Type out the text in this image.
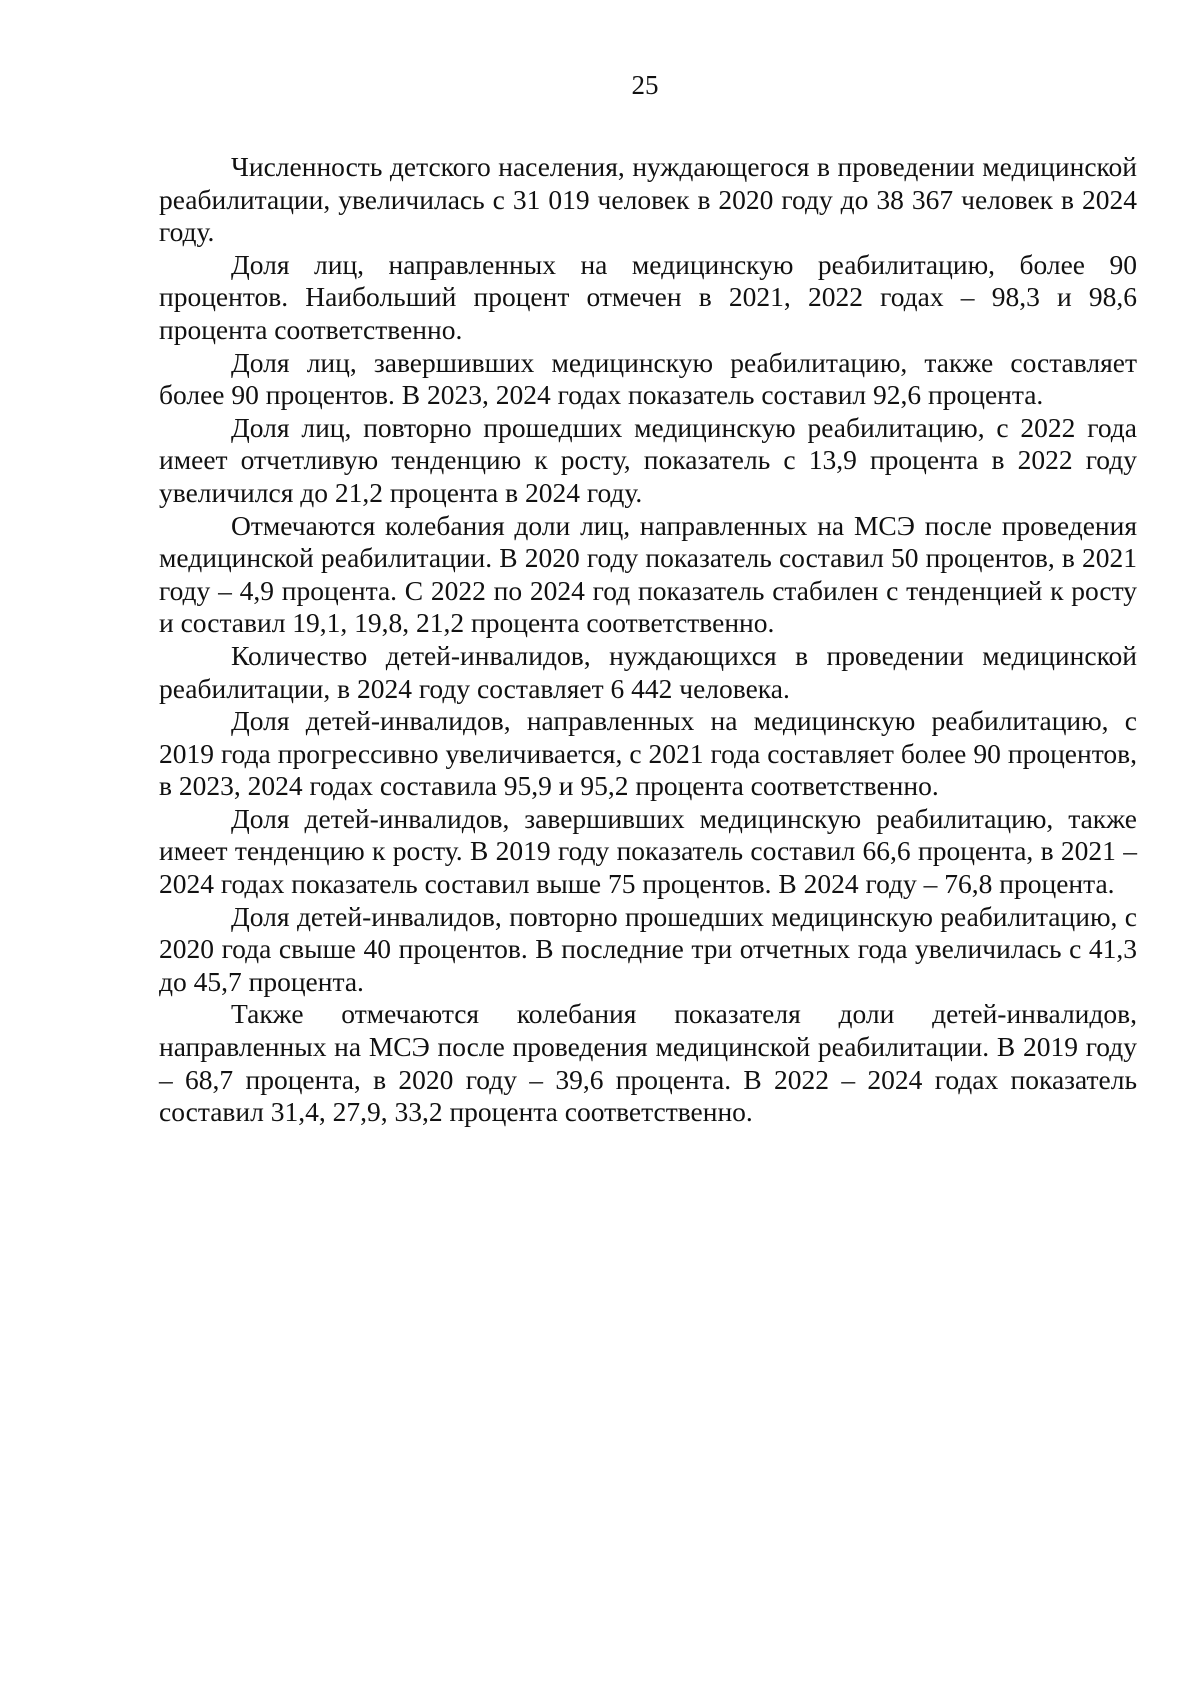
25

Численность детского населения, нуждающегося в проведении медицинской реабилитации, увеличилась с 31 019 человек в 2020 году до 38 367 человек в 2024 году.

Доля лиц, направленных на медицинскую реабилитацию, более 90 процентов. Наибольший процент отмечен в 2021, 2022 годах – 98,3 и 98,6 процента соответственно.

Доля лиц, завершивших медицинскую реабилитацию, также составляет более 90 процентов. В 2023, 2024 годах показатель составил 92,6 процента.

Доля лиц, повторно прошедших медицинскую реабилитацию, с 2022 года имеет отчетливую тенденцию к росту, показатель с 13,9 процента в 2022 году увеличился до 21,2 процента в 2024 году.

Отмечаются колебания доли лиц, направленных на МСЭ после проведения медицинской реабилитации. В 2020 году показатель составил 50 процентов, в 2021 году – 4,9 процента. С 2022 по 2024 год показатель стабилен с тенденцией к росту и составил 19,1, 19,8, 21,2 процента соответственно.

Количество детей-инвалидов, нуждающихся в проведении медицинской реабилитации, в 2024 году составляет 6 442 человека.

Доля детей-инвалидов, направленных на медицинскую реабилитацию, с 2019 года прогрессивно увеличивается, с 2021 года составляет более 90 процентов, в 2023, 2024 годах составила 95,9 и 95,2 процента соответственно.

Доля детей-инвалидов, завершивших медицинскую реабилитацию, также имеет тенденцию к росту. В 2019 году показатель составил 66,6 процента, в 2021 – 2024 годах показатель составил выше 75 процентов. В 2024 году – 76,8 процента.

Доля детей-инвалидов, повторно прошедших медицинскую реабилитацию, с 2020 года свыше 40 процентов. В последние три отчетных года увеличилась с 41,3 до 45,7 процента.

Также отмечаются колебания показателя доли детей-инвалидов, направленных на МСЭ после проведения медицинской реабилитации. В 2019 году – 68,7 процента, в 2020 году – 39,6 процента. В 2022 – 2024 годах показатель составил 31,4, 27,9, 33,2 процента соответственно.
